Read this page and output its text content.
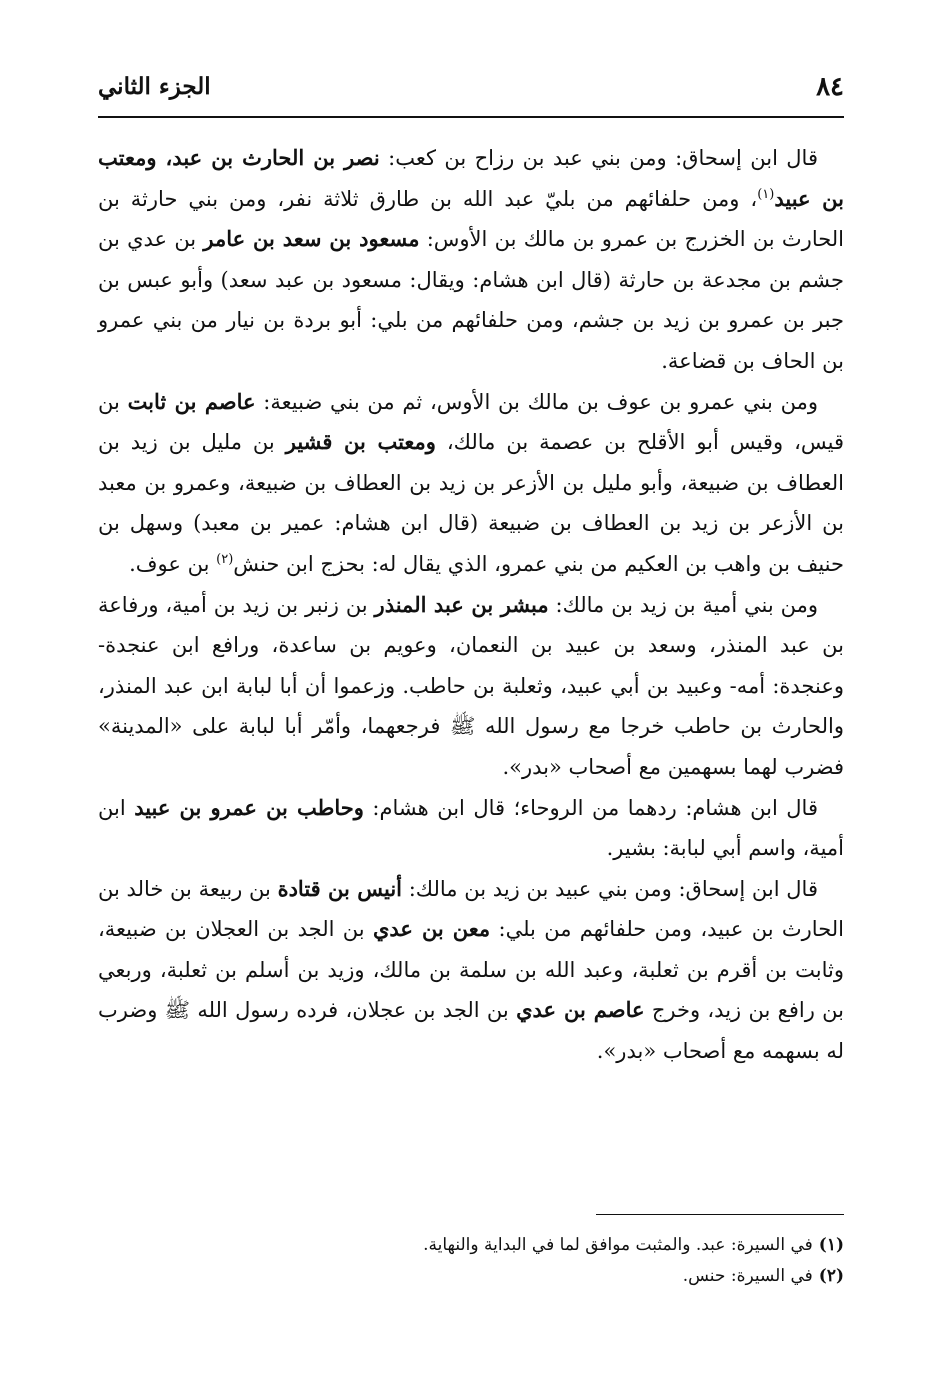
٨٤
الجزء الثاني

قال ابن إسحاق: ومن بني عبد بن رزاح بن كعب: نصر بن الحارث بن عبد، ومعتب بن عبيد$^{(١)}$، ومن حلفائهم من بليّ عبد الله بن طارق ثلاثة نفر، ومن بني حارثة بن الحارث بن الخزرج بن عمرو بن مالك بن الأوس: مسعود بن سعد بن عامر بن عدي بن جشم بن مجدعة بن حارثة (قال ابن هشام: ويقال: مسعود بن عبد سعد) وأبو عبس بن جبر بن عمرو بن زيد بن جشم، ومن حلفائهم من بلي: أبو بردة بن نيار من بني عمرو بن الحاف بن قضاعة.

ومن بني عمرو بن عوف بن مالك بن الأوس، ثم من بني ضبيعة: عاصم بن ثابت بن قيس، وقيس أبو الأقلح بن عصمة بن مالك، ومعتب بن قشير بن مليل بن زيد بن العطاف بن ضبيعة، وأبو مليل بن الأزعر بن زيد بن العطاف بن ضبيعة، وعمرو بن معبد بن الأزعر بن زيد بن العطاف بن ضبيعة (قال ابن هشام: عمير بن معبد) وسهل بن حنيف بن واهب بن العكيم من بني عمرو، الذي يقال له: بحزج ابن حنش$^{(٢)}$ بن عوف.

ومن بني أمية بن زيد بن مالك: مبشر بن عبد المنذر بن زنبر بن زيد بن أمية، ورفاعة بن عبد المنذر، وسعد بن عبيد بن النعمان، وعويم بن ساعدة، ورافع ابن عنجدة- وعنجدة: أمه- وعبيد بن أبي عبيد، وثعلبة بن حاطب. وزعموا أن أبا لبابة ابن عبد المنذر، والحارث بن حاطب خرجا مع رسول الله ﷺ فرجعهما، وأمّر أبا لبابة على «المدينة» فضرب لهما بسهمين مع أصحاب «بدر».

قال ابن هشام: ردهما من الروحاء؛ قال ابن هشام: وحاطب بن عمرو بن عبيد ابن أمية، واسم أبي لبابة: بشير.

قال ابن إسحاق: ومن بني عبيد بن زيد بن مالك: أنيس بن قتادة بن ربيعة بن خالد بن الحارث بن عبيد، ومن حلفائهم من بلي: معن بن عدي بن الجد بن العجلان بن ضبيعة، وثابت بن أقرم بن ثعلبة، وعبد الله بن سلمة بن مالك، وزيد بن أسلم بن ثعلبة، وربعي بن رافع بن زيد، وخرج عاصم بن عدي بن الجد بن عجلان، فرده رسول الله ﷺ وضرب له بسهمه مع أصحاب «بدر».

(١)في السيرة: عبد. والمثبت موافق لما في البداية والنهاية.

(٢)في السيرة: حنس.
